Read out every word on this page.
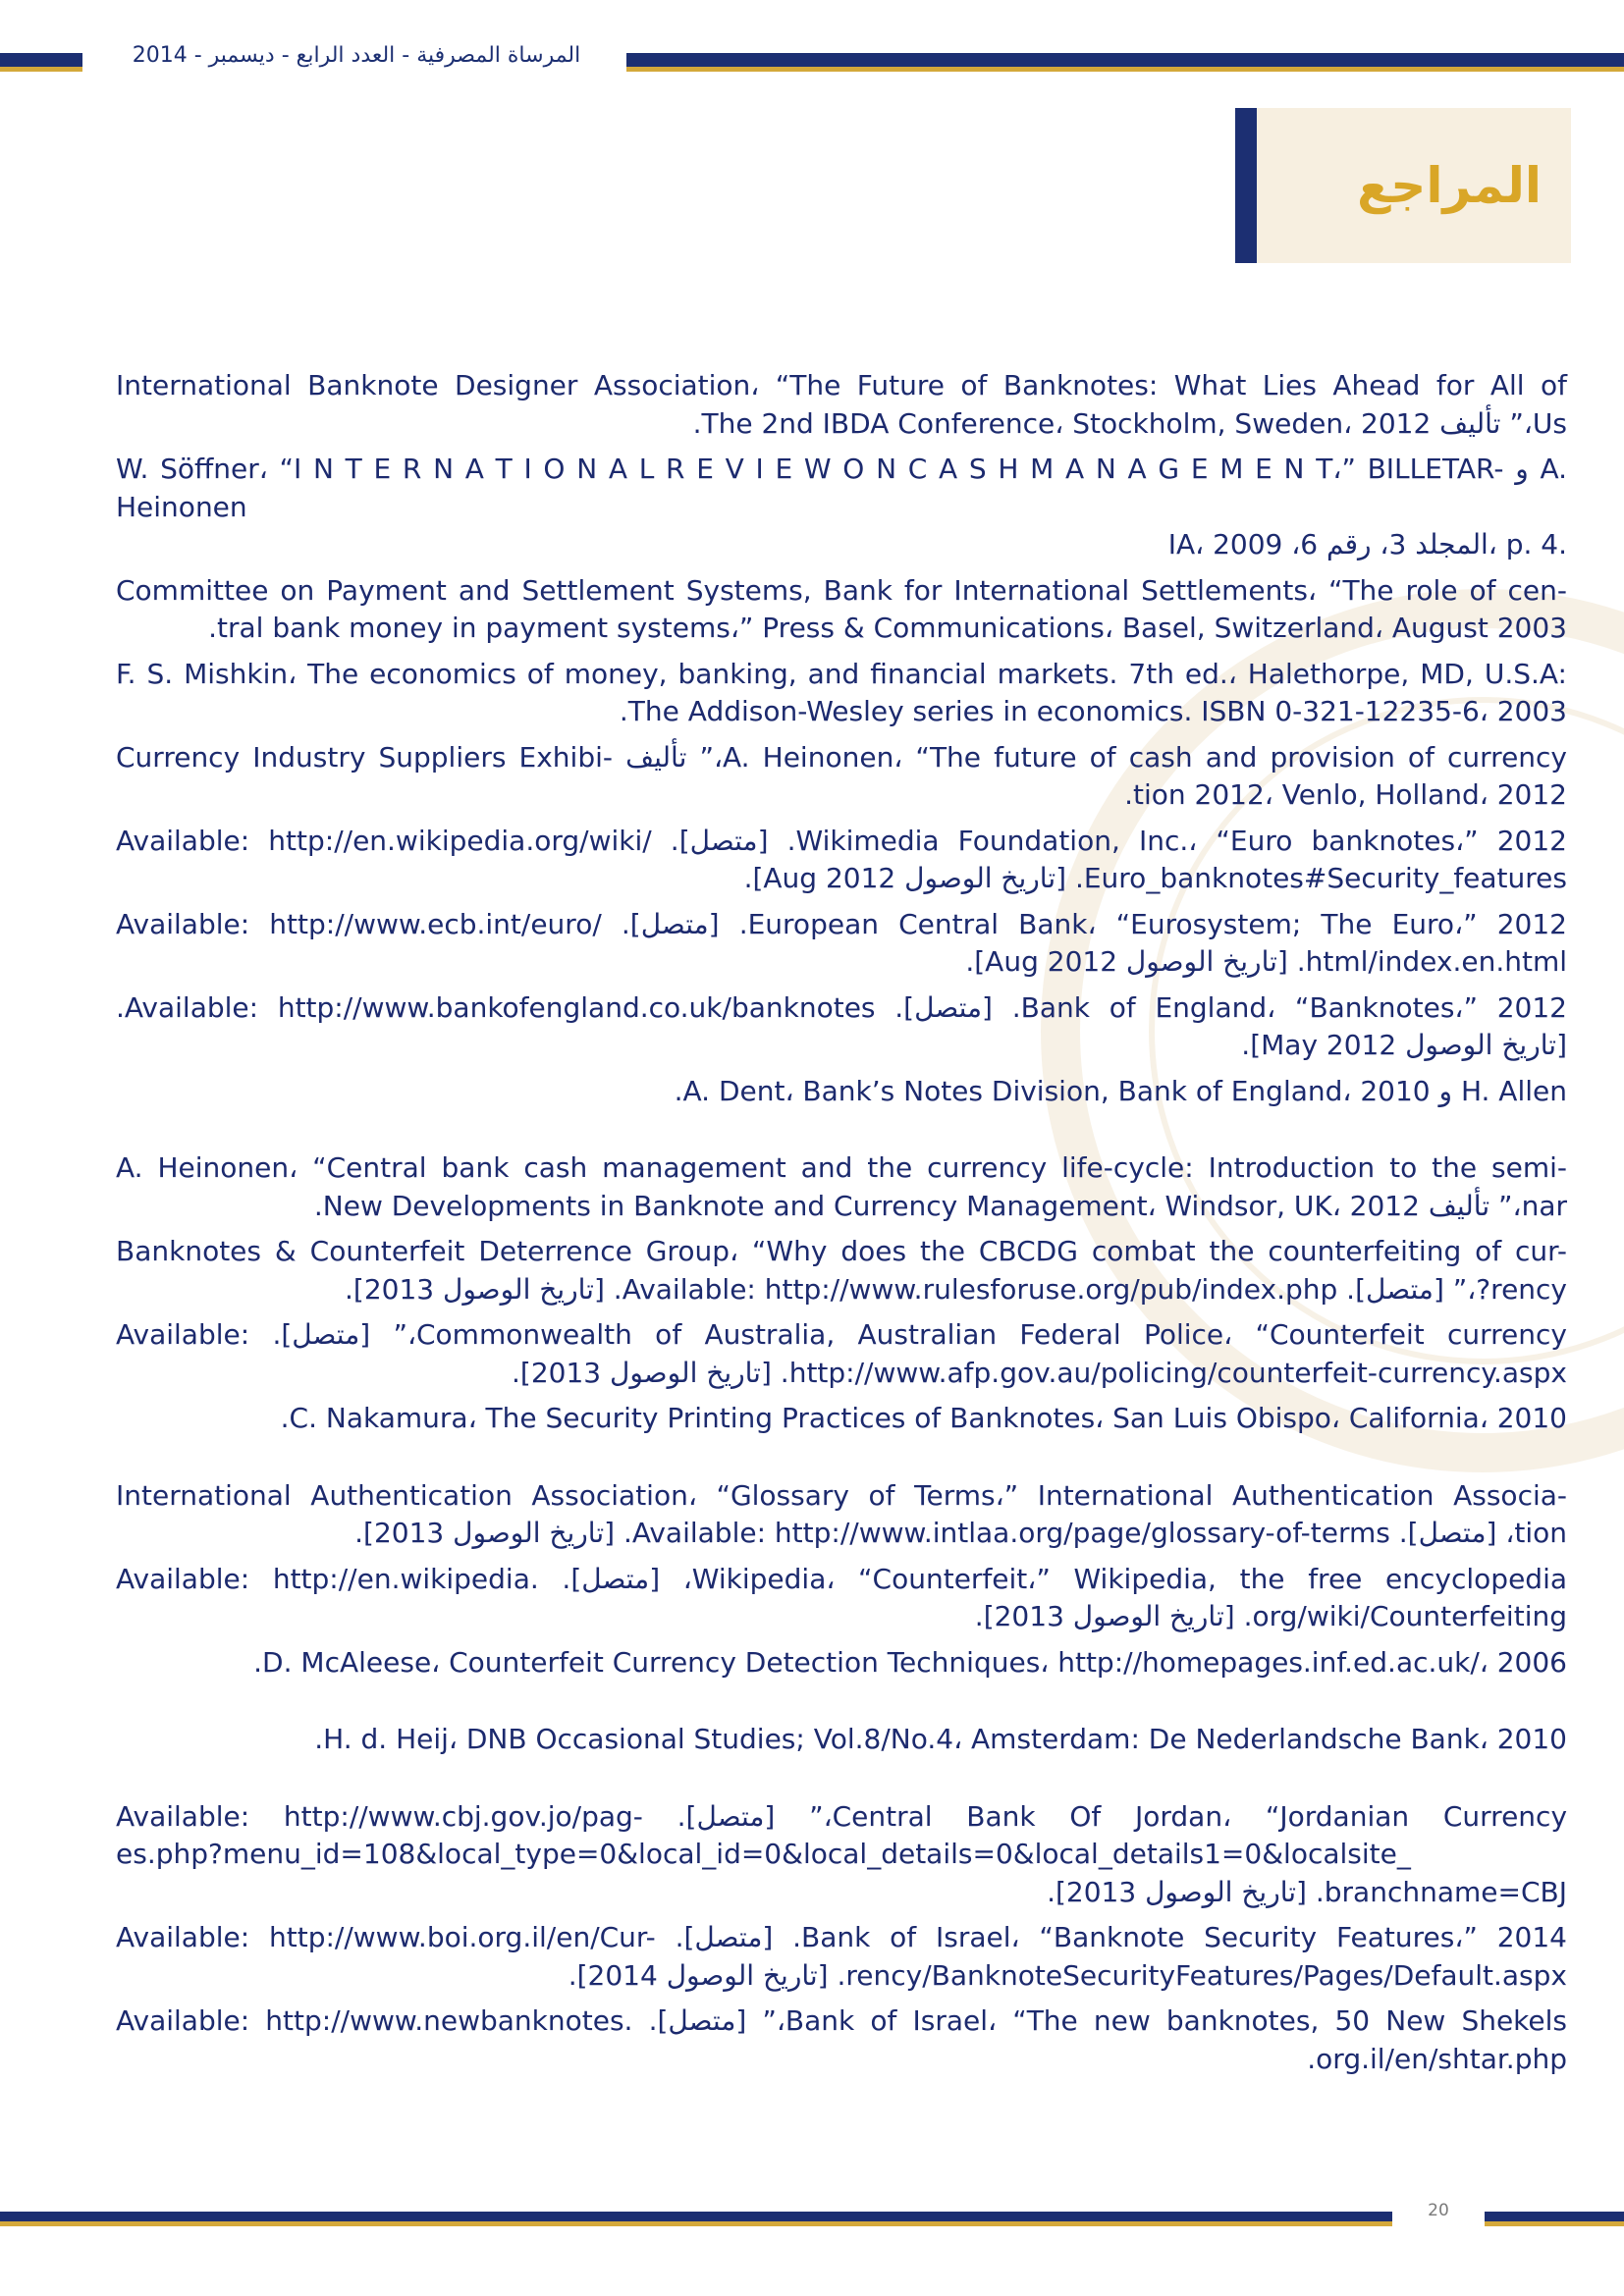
المرساة المصرفية - العدد الرابع - ديسمبر - 2014
المراجع
International Banknote Designer Association، “The Future of Banknotes: What Lies Ahead for All of
.The 2nd IBDA Conference، Stockholm, Sweden، 2012 تأليف ”،Us
W. Söffner، “I N T E R N A T I O N A L R E V I E W O N C A S H M A N A G E M E N T،” BILLETAR- و A. Heinonen
IA، المجلد 3، رقم 6، 2009، p. 4.
Committee on Payment and Settlement Systems, Bank for International Settlements، “The role of cen-
.tral bank money in payment systems،” Press & Communications، Basel, Switzerland، August 2003
F. S. Mishkin، The economics of money, banking, and financial markets. 7th ed.، Halethorpe, MD, U.S.A:
.The Addison-Wesley series in economics. ISBN 0-321-12235-6، 2003
Currency Industry Suppliers Exhibi- تأليف ”،A. Heinonen، “The future of cash and provision of currency
.tion 2012، Venlo, Holland، 2012
Available: http://en.wikipedia.org/wiki/ .[متصل] .Wikimedia Foundation, Inc.، “Euro banknotes،” 2012
.[Aug 2012 تاريخ الوصول] .Euro_banknotes#Security_features
Available: http://www.ecb.int/euro/ .[متصل] .European Central Bank، “Eurosystem; The Euro،” 2012
.[Aug 2012 تاريخ الوصول] .html/index.en.html
.Available: http://www.bankofengland.co.uk/banknotes .[متصل] .Bank of England، “Banknotes،” 2012
.[May 2012 تاريخ الوصول]
.A. Dent، Bank’s Notes Division, Bank of England، 2010 و H. Allen
A. Heinonen، “Central bank cash management and the currency life-cycle: Introduction to the semi-
.New Developments in Banknote and Currency Management، Windsor, UK، 2012 تأليف ”،nar
Banknotes & Counterfeit Deterrence Group، “Why does the CBCDG combat the counterfeiting of cur-
.[2013 تاريخ الوصول] .Available: http://www.rulesforuse.org/pub/index.php .[متصل] ”،?rency
Available: .[متصل] ”،Commonwealth of Australia, Australian Federal Police، “Counterfeit currency
.[2013 تاريخ الوصول] .http://www.afp.gov.au/policing/counterfeit-currency.aspx
.C. Nakamura، The Security Printing Practices of Banknotes، San Luis Obispo، California، 2010
International Authentication Association، “Glossary of Terms،” International Authentication Associa-
.[2013 تاريخ الوصول] .Available: http://www.intlaa.org/page/glossary-of-terms .[متصل] ،tion
Available: http://en.wikipedia. .[متصل] ،Wikipedia، “Counterfeit،” Wikipedia, the free encyclopedia
.[2013 تاريخ الوصول] .org/wiki/Counterfeiting
.D. McAleese، Counterfeit Currency Detection Techniques، http://homepages.inf.ed.ac.uk/، 2006
.H. d. Heij، DNB Occasional Studies; Vol.8/No.4، Amsterdam: De Nederlandsche Bank، 2010
Available: http://www.cbj.gov.jo/pag- .[متصل] ”،Central Bank Of Jordan، “Jordanian Currency
es.php?menu_id=108&local_type=0&local_id=0&local_details=0&local_details1=0&localsite_
.[2013 تاريخ الوصول] .branchname=CBJ
Available: http://www.boi.org.il/en/Cur- .[متصل] .Bank of Israel، “Banknote Security Features،” 2014
.[2014 تاريخ الوصول] .rency/BanknoteSecurityFeatures/Pages/Default.aspx
Available: http://www.newbanknotes. .[متصل] ”،Bank of Israel، “The new banknotes, 50 New Shekels
.org.il/en/shtar.php
20
